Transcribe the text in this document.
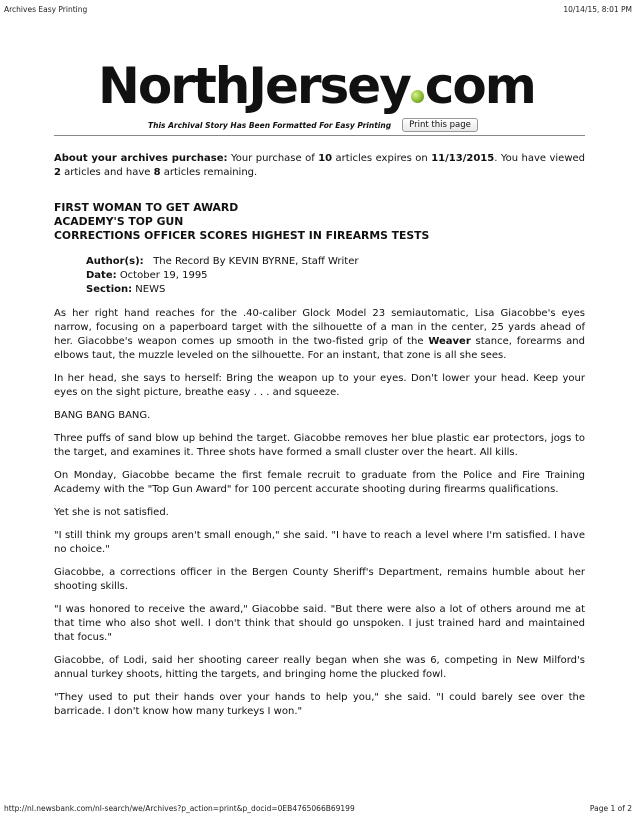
Archives Easy Printing	10/14/15, 8:01 PM
NorthJersey com
This Archival Story Has Been Formatted For Easy Printing	Print this page
About your archives purchase: Your purchase of 10 articles expires on 11/13/2015. You have viewed 2 articles and have 8 articles remaining.
FIRST WOMAN TO GET AWARD
ACADEMY'S TOP GUN
CORRECTIONS OFFICER SCORES HIGHEST IN FIREARMS TESTS
Author(s): The Record By KEVIN BYRNE, Staff Writer
Date: October 19, 1995
Section: NEWS

As her right hand reaches for the .40-caliber Glock Model 23 semiautomatic, Lisa Giacobbe's eyes narrow, focusing on a paperboard target with the silhouette of a man in the center, 25 yards ahead of her. Giacobbe's weapon comes up smooth in the two-fisted grip of the Weaver stance, forearms and elbows taut, the muzzle leveled on the silhouette. For an instant, that zone is all she sees.

In her head, she says to herself: Bring the weapon up to your eyes. Don't lower your head. Keep your eyes on the sight picture, breathe easy . . . and squeeze.

BANG BANG BANG.

Three puffs of sand blow up behind the target. Giacobbe removes her blue plastic ear protectors, jogs to the target, and examines it. Three shots have formed a small cluster over the heart. All kills.

On Monday, Giacobbe became the first female recruit to graduate from the Police and Fire Training Academy with the "Top Gun Award" for 100 percent accurate shooting during firearms qualifications.

Yet she is not satisfied.

"I still think my groups aren't small enough," she said. "I have to reach a level where I'm satisfied. I have no choice."

Giacobbe, a corrections officer in the Bergen County Sheriff's Department, remains humble about her shooting skills.

"I was honored to receive the award," Giacobbe said. "But there were also a lot of others around me at that time who also shot well. I don't think that should go unspoken. I just trained hard and maintained that focus."

Giacobbe, of Lodi, said her shooting career really began when she was 6, competing in New Milford's annual turkey shoots, hitting the targets, and bringing home the plucked fowl.

"They used to put their hands over your hands to help you," she said. "I could barely see over the barricade. I don't know how many turkeys I won."

http://nl.newsbank.com/nl-search/we/Archives?p_action=print&p_docid=0EB4765066B69199	Page 1 of 2
